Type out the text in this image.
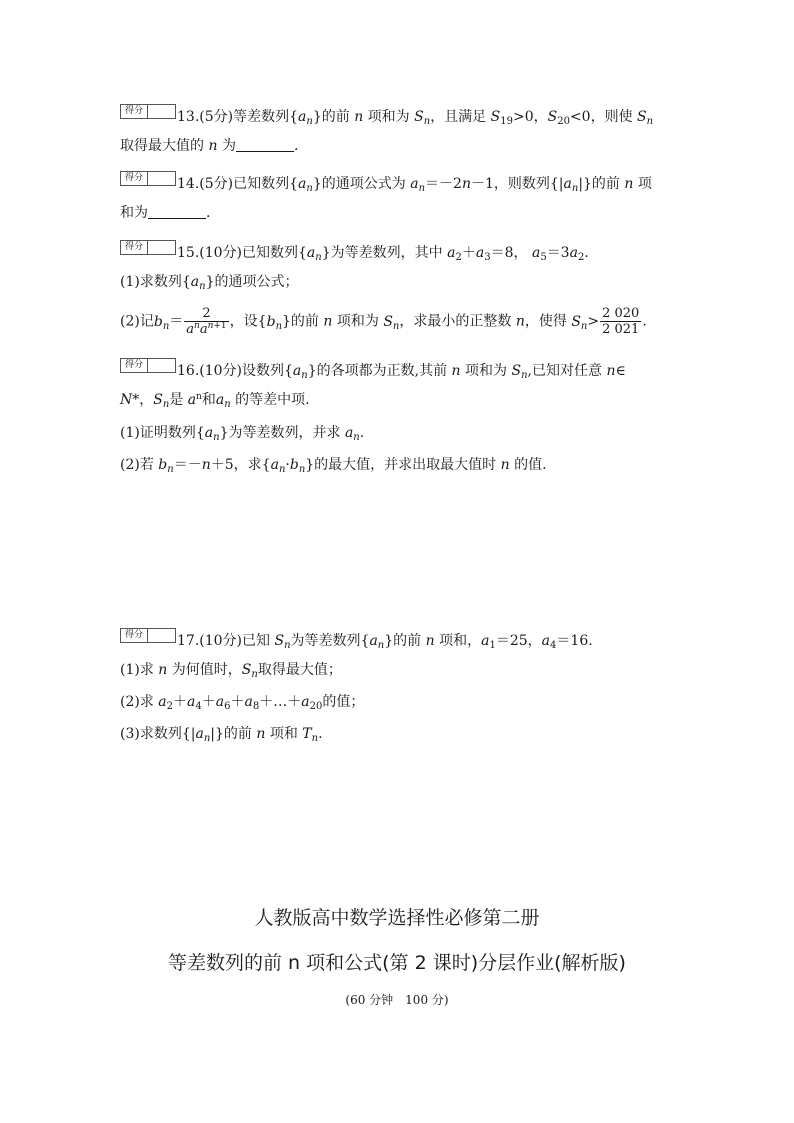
得分	13.(5分)等差数列$\{a_n\}$的前 n 项和为 $S_n$，且满足 $S_{19}>0$，$S_{20}<0$，则使 $S_n$
取得最大值的 n 为	.
得分	14.(5分)已知数列$\{a_n\}$的通项公式为 $a_n=-2n-1$，则数列$\{|a_n|\}$的前 n 项
和为	.
得分	15.(10分)已知数列$\{a_n\}$为等差数列，其中 $a_2+a_3=8$， $a_5=3a_2$.
(1)求数列$\{a_n\}$的通项公式；
(2)记$b_n= \frac{2}{a^na^{n+1}}$ ，设$\{b_n\}$的前 n 项和为 $S_n$，求最小的正整数 n，使得 $S_n> \frac{2 020}{2 021}$ .
得分	16.(10分)设数列$\{a_n\}$的各项都为正数,其前 n 项和为 $S_n$,已知对任意 n∈
N*，$S_n$是 $a^n$和$a_n$ 的等差中项.
(1)证明数列$\{a_n\}$为等差数列，并求 $a_n$.
(2)若 $b_n=-n+5$，求$\{a_n\cdot b_n\}$的最大值，并求出取最大值时 n 的值.
得分	17.(10分)已知 $S_n$为等差数列$\{a_n\}$的前 n 项和，$a_1=25$，$a_4=16$.
(1)求 n 为何值时，$S_n$取得最大值；
(2)求 $a_2+a_4+a_6+a_8+\dots+a_{20}$的值；
(3)求数列$\{|a_n|\}$的前 n 项和 $T_n$.
人教版高中数学选择性必修第二册
等差数列的前 n 项和公式(第 2 课时)分层作业(解析版)
(60 分钟　100 分)
